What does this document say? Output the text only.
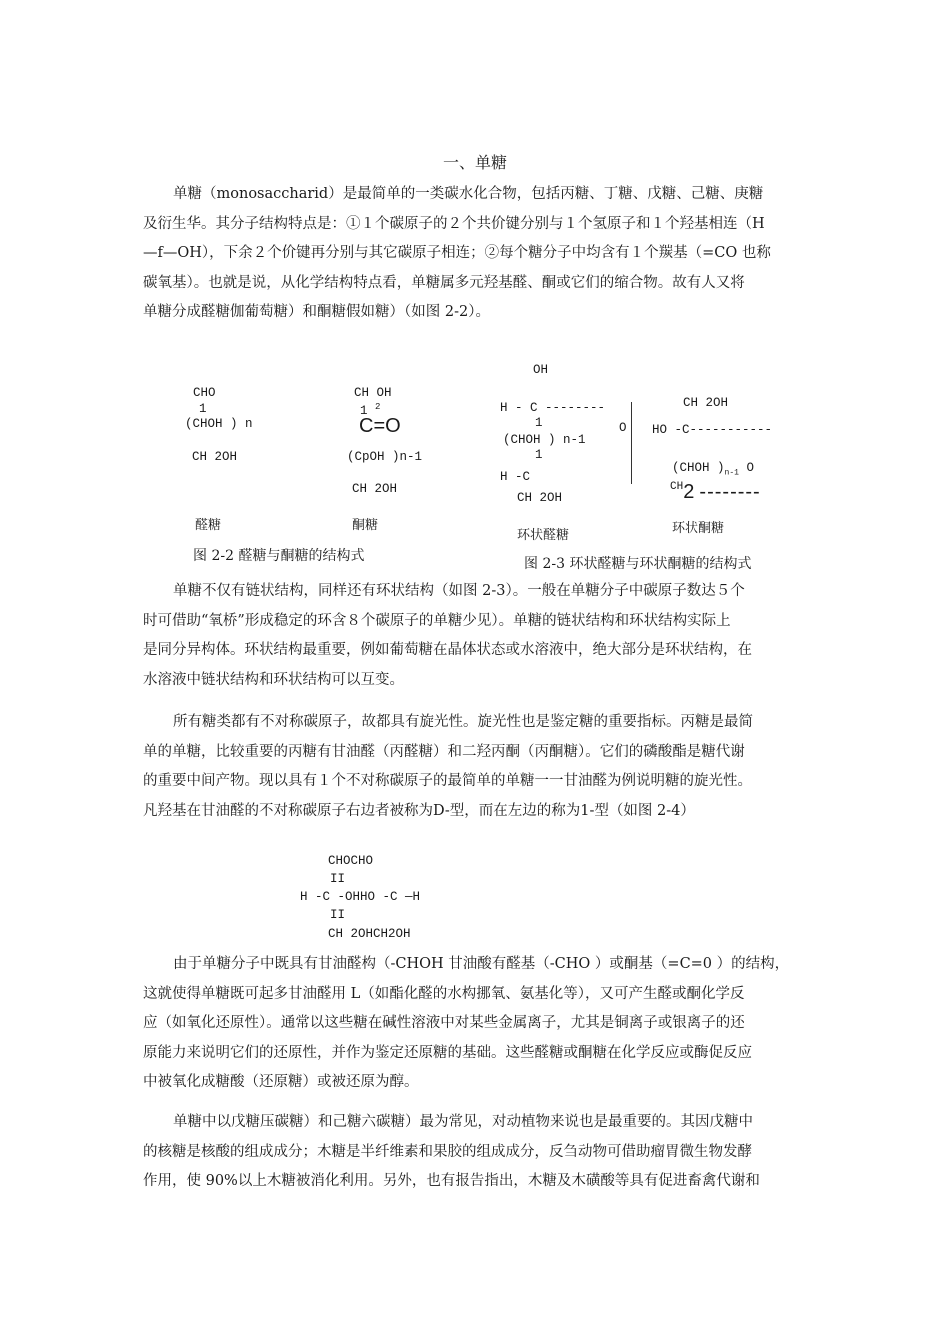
一、单糖
单糖（monosaccharid）是最简单的一类碳水化合物，包括丙糖、丁糖、戊糖、己糖、庚糖
及衍生华。其分子结构特点是：①１个碳原子的２个共价键分别与１个氢原子和１个羟基相连（H
—f—OH），下余２个价键再分别与其它碳原子相连；②每个糖分子中均含有１个羰基（=CO 也称
碳氧基）。也就是说，从化学结构特点看，单糖属多元羟基醛、酮或它们的缩合物。故有人又将
单糖分成醛糖伽葡萄糖）和酮糖假如糖）（如图 2-2）。
CHO
1
(CHOH ) n
CH 2OH
醛糖
CH OH
1 $^2$
C=O
(CpOH )n-1
CH 2OH
酮糖
图 2-2 醛糖与酮糖的结构式
OH
H - C --------
1	O
(CHOH ) n-1
1
H -C
CH 2OH
环状醛糖
CH 2OH
HO -C-----------
(CHOH )$_{n-1}$ O
$^{CH}$2 --------
环状酮糖
图 2-3 环状醛糖与环状酮糖的结构式
单糖不仅有链状结构，同样还有环状结构（如图 2-3）。一般在单糖分子中碳原子数达５个
时可借助“氧桥”形成稳定的环含８个碳原子的单糖少见）。单糖的链状结构和环状结构实际上
是同分异构体。环状结构最重要，例如葡萄糖在晶体状态或水溶液中，绝大部分是环状结构，在
水溶液中链状结构和环状结构可以互变。
所有糖类都有不对称碳原子，故都具有旋光性。旋光性也是鉴定糖的重要指标。丙糖是最简
单的单糖，比较重要的丙糖有甘油醛（丙醛糖）和二羟丙酮（丙酮糖）。它们的磷酸酯是糖代谢
的重要中间产物。现以具有１个不对称碳原子的最简单的单糖一一甘油醛为例说明糖的旋光性。
凡羟基在甘油醛的不对称碳原子右边者被称为D-型，而在左边的称为1-型（如图 2-4）
CHOCHO
II
H -C -OHHO -C —H
II
CH 2OHCH2OH
由于单糖分子中既具有甘油醛构（-CHOH 甘油酸有醛基（-CHO ）或酮基（=C=0 ）的结构，
这就使得单糖既可起多甘油醛用 L（如酯化醛的水构挪氧、氨基化等），又可产生醛或酮化学反
应（如氧化还原性）。通常以这些糖在碱性溶液中对某些金属离子，尤其是铜离子或银离子的还
原能力来说明它们的还原性，并作为鉴定还原糖的基础。这些醛糖或酮糖在化学反应或酶促反应
中被氧化成糖酸（还原糖）或被还原为醇。
单糖中以戊糖压碳糖）和己糖六碳糖）最为常见，对动植物来说也是最重要的。其因戊糖中
的核糖是核酸的组成成分；木糖是半纤维素和果胶的组成成分，反刍动物可借助瘤胃微生物发酵
作用，使 90%以上木糖被消化利用。另外，也有报告指出，木糖及木磺酸等具有促进畜禽代谢和
